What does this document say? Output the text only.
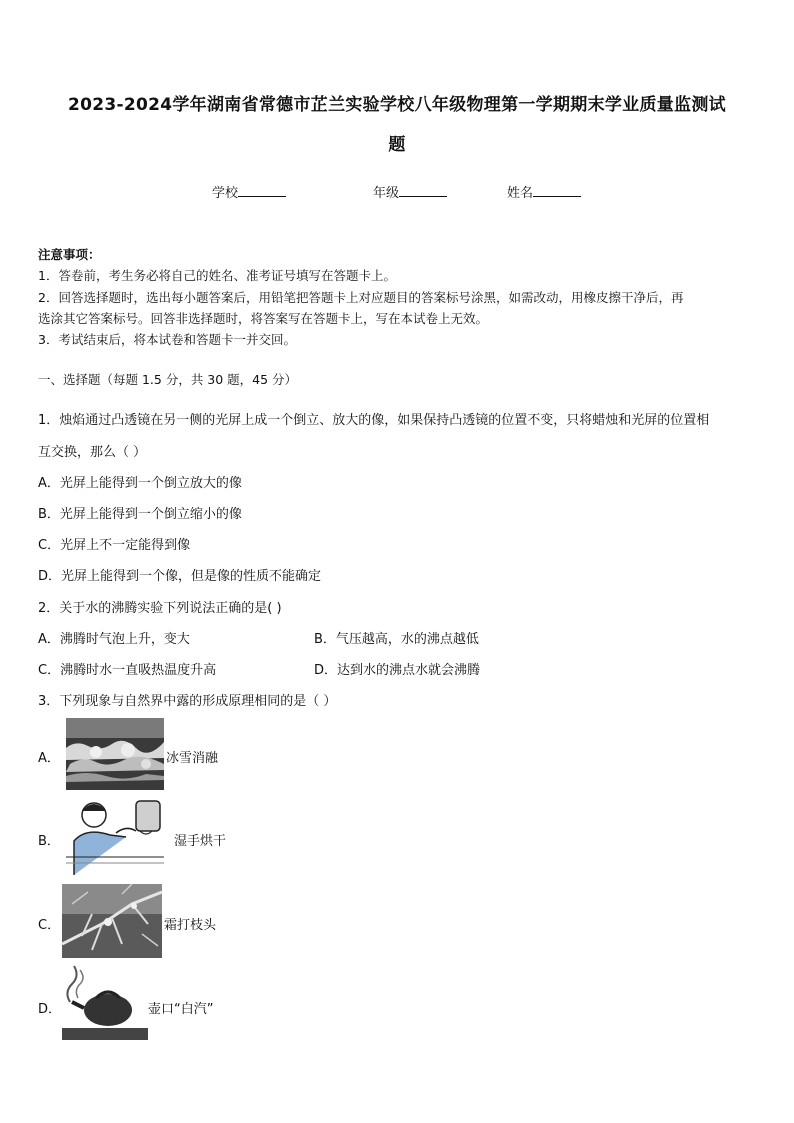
2023-2024学年湖南省常德市芷兰实验学校八年级物理第一学期期末学业质量监测试
题
学校	年级	姓名
注意事项：
1．答卷前，考生务必将自己的姓名、准考证号填写在答题卡上。
2．回答选择题时，选出每小题答案后，用铅笔把答题卡上对应题目的答案标号涂黑，如需改动，用橡皮擦干净后，再
选涂其它答案标号。回答非选择题时，将答案写在答题卡上，写在本试卷上无效。
3．考试结束后，将本试卷和答题卡一并交回。
一、选择题（每题 1.5 分，共 30 题，45 分）
1．烛焰通过凸透镜在另一侧的光屏上成一个倒立、放大的像，如果保持凸透镜的位置不变，只将蜡烛和光屏的位置相
互交换，那么（ ）
A．光屏上能得到一个倒立放大的像
B．光屏上能得到一个倒立缩小的像
C．光屏上不一定能得到像
D．光屏上能得到一个像，但是像的性质不能确定
2．关于水的沸腾实验下列说法正确的是( )
A．沸腾时气泡上升，变大	B．气压越高，水的沸点越低
C．沸腾时水一直吸热温度升高	D．达到水的沸点水就会沸腾
3．下列现象与自然界中露的形成原理相同的是（ ）
A．	冰雪消融
B．	湿手烘干
C．	霜打枝头
D．	壶口“白汽”
